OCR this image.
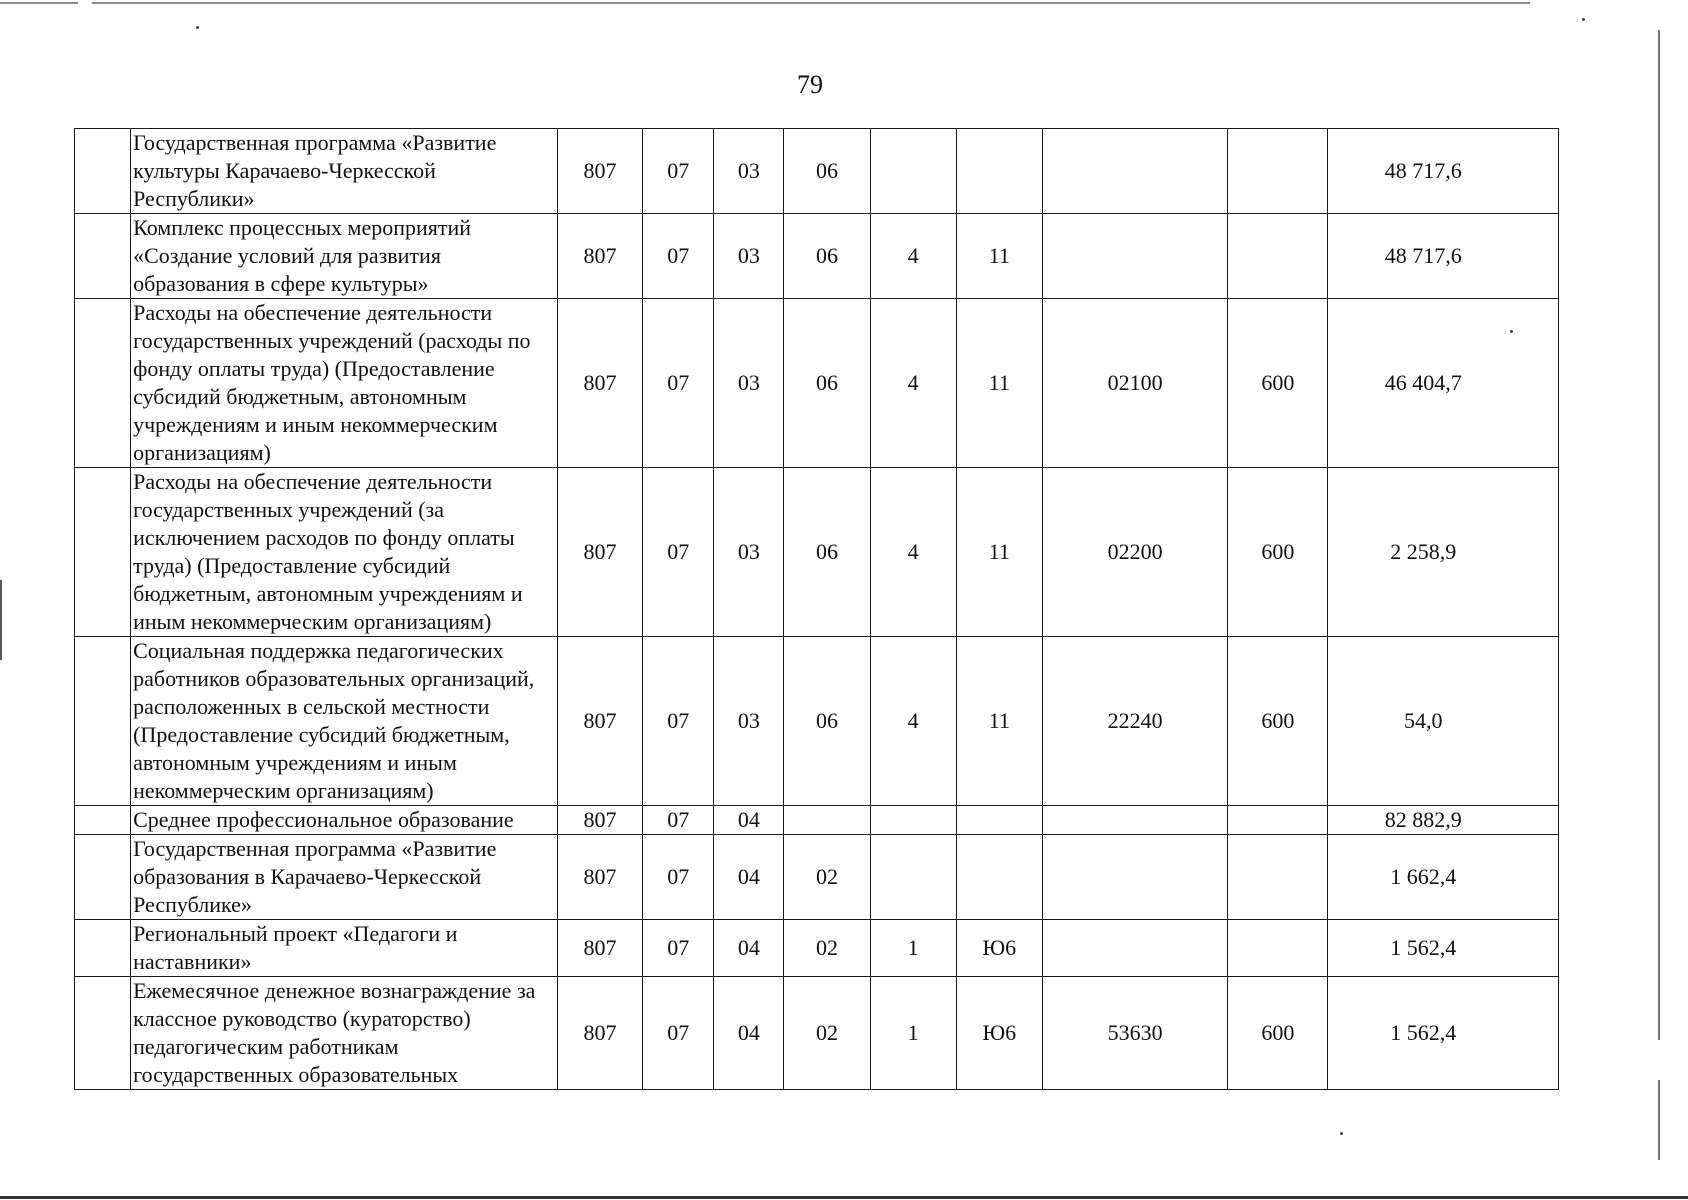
79
	Государственная программа «Развитие культуры Карачаево-Черкесской Республики»	807	07	03	06					48 717,6
	Комплекс процессных мероприятий «Создание условий для развития образования в сфере культуры»	807	07	03	06	4	11			48 717,6
	Расходы на обеспечение деятельности государственных учреждений (расходы по фонду оплаты труда) (Предоставление субсидий бюджетным, автономным учреждениям и иным некоммерческим организациям)	807	07	03	06	4	11	02100	600	46 404,7
	Расходы на обеспечение деятельности государственных учреждений (за исключением расходов по фонду оплаты труда) (Предоставление субсидий бюджетным, автономным учреждениям и иным некоммерческим организациям)	807	07	03	06	4	11	02200	600	2 258,9
	Социальная поддержка педагогических работников образовательных организаций, расположенных в сельской местности (Предоставление субсидий бюджетным, автономным учреждениям и иным некоммерческим организациям)	807	07	03	06	4	11	22240	600	54,0
	Среднее профессиональное образование	807	07	04						82 882,9
	Государственная программа «Развитие образования в Карачаево-Черкесской Республике»	807	07	04	02					1 662,4
	Региональный проект «Педагоги и наставники»	807	07	04	02	1	Ю6			1 562,4
	Ежемесячное денежное вознаграждение за классное руководство (кураторство) педагогическим работникам государственных образовательных	807	07	04	02	1	Ю6	53630	600	1 562,4
